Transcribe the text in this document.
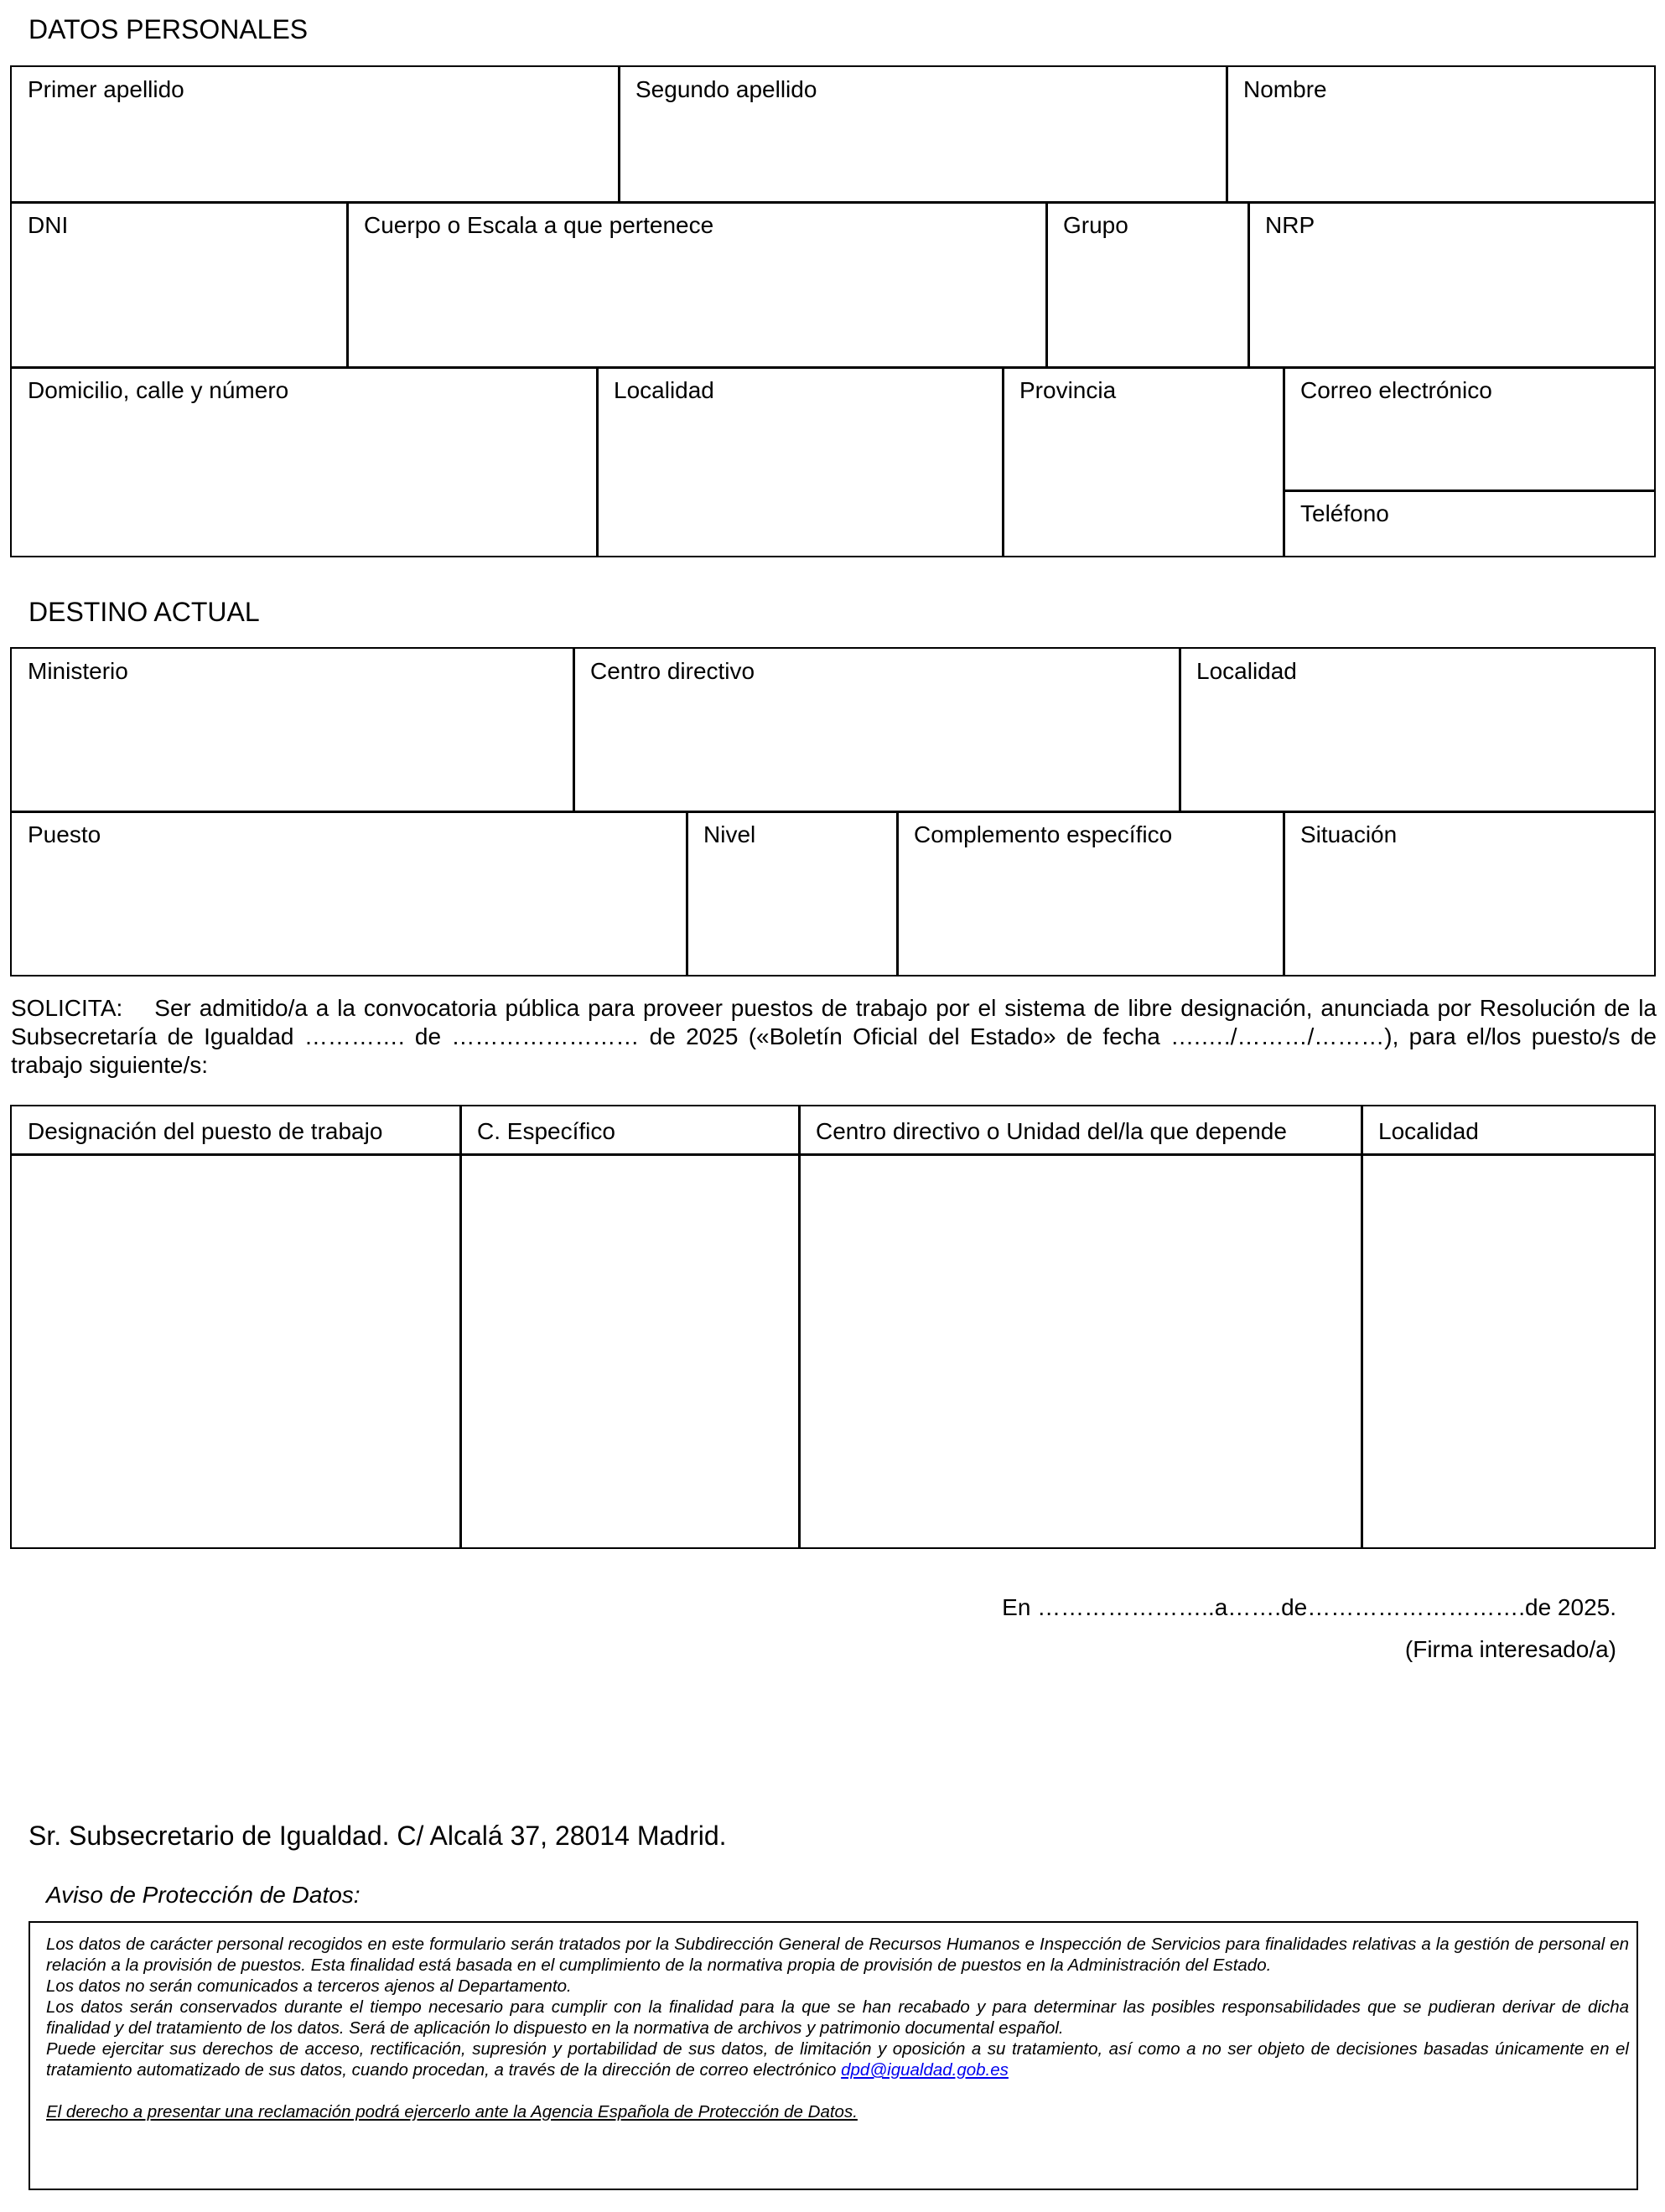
DATOS PERSONALES
Primer apellido	Segundo apellido	Nombre
DNI	Cuerpo o Escala a que pertenece	Grupo	NRP
Domicilio, calle y número	Localidad	Provincia	Correo electrónico
Teléfono
DESTINO ACTUAL
Ministerio	Centro directivo	Localidad
Puesto	Nivel	Complemento específico	Situación
SOLICITA: Ser admitido/a a la convocatoria pública para proveer puestos de trabajo por el sistema de libre designación, anunciada por Resolución de la Subsecretaría de Igualdad …………. de …………………… de 2025 («Boletín Oficial del Estado» de fecha ….…./………/………), para el/los puesto/s de trabajo siguiente/s:
Designación del puesto de trabajo	C. Específico	Centro directivo o Unidad del/la que depende	Localidad
En …………………..a…….de……………………….de 2025.
(Firma interesado/a)
Sr. Subsecretario de Igualdad. C/ Alcalá 37, 28014 Madrid.
Aviso de Protección de Datos:

Los datos de carácter personal recogidos en este formulario serán tratados por la Subdirección General de Recursos Humanos e Inspección de Servicios para finalidades relativas a la gestión de personal en relación a la provisión de puestos. Esta finalidad está basada en el cumplimiento de la normativa propia de provisión de puestos en la Administración del Estado.

Los datos no serán comunicados a terceros ajenos al Departamento.

Los datos serán conservados durante el tiempo necesario para cumplir con la finalidad para la que se han recabado y para determinar las posibles responsabilidades que se pudieran derivar de dicha finalidad y del tratamiento de los datos. Será de aplicación lo dispuesto en la normativa de archivos y patrimonio documental español.

Puede ejercitar sus derechos de acceso, rectificación, supresión y portabilidad de sus datos, de limitación y oposición a su tratamiento, así como a no ser objeto de decisiones basadas únicamente en el tratamiento automatizado de sus datos, cuando procedan, a través de la dirección de correo electrónico dpd@igualdad.gob.es

El derecho a presentar una reclamación podrá ejercerlo ante la Agencia Española de Protección de Datos.
